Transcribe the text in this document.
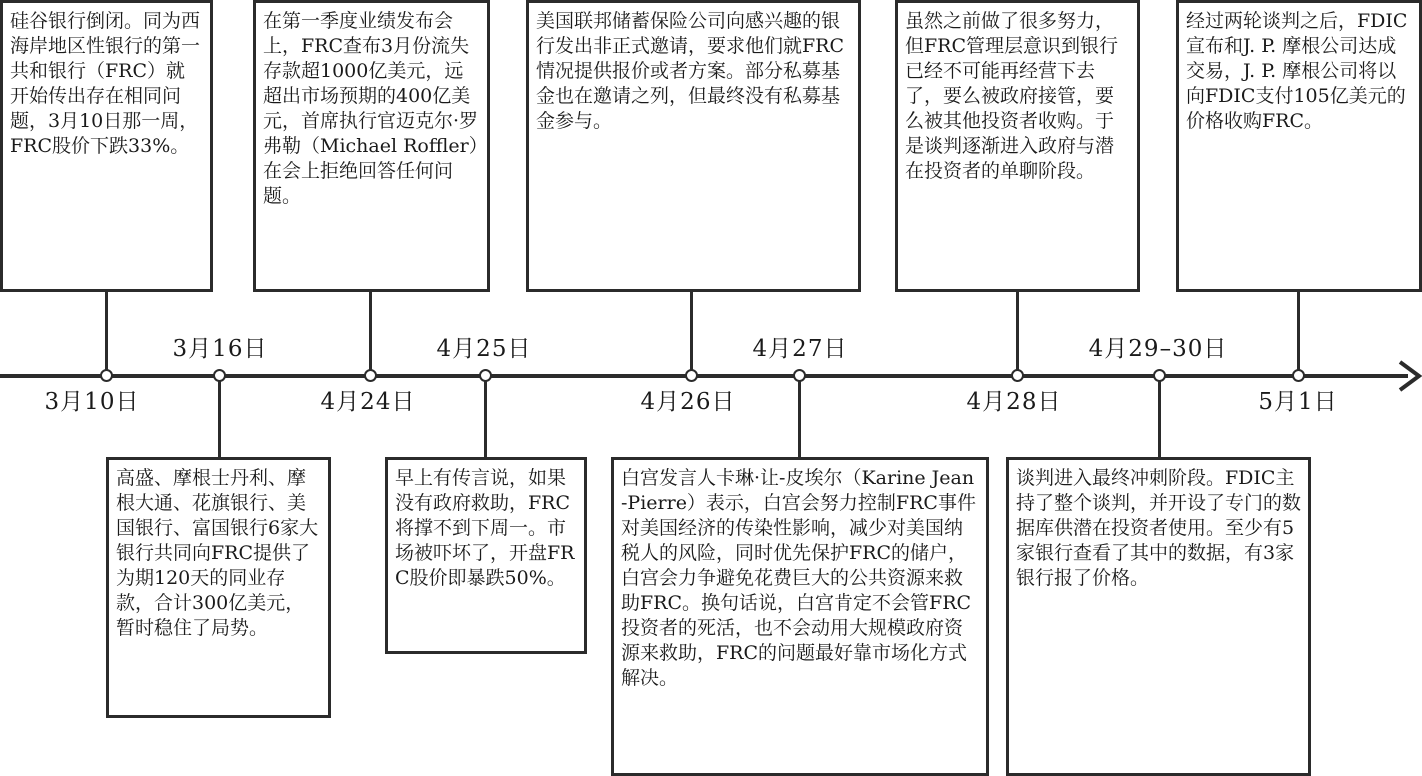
硅谷银行倒闭。同为西海岸地区性银行的第一共和银行（FRC）就开始传出存在相同问题，3月10日那一周，FRC股价下跌33%。
3月10日
3月16日
高盛、摩根士丹利、摩根大通、花旗银行、美国银行、富国银行6家大银行共同向FRC提供了为期120天的同业存款，合计300亿美元，暂时稳住了局势。
在第一季度业绩发布会上，FRC查布3月份流失存款超1000亿美元，远超出市场预期的400亿美元，首席执行官迈克尔·罗弗勒（Michael Roffler）在会上拒绝回答任何问题。
4月24日
4月25日
早上有传言说，如果没有政府救助，FRC将撑不到下周一。市场被吓坏了，开盘FRC股价即暴跌50%。
美国联邦储蓄保险公司向感兴趣的银行发出非正式邀请，要求他们就FRC情况提供报价或者方案。部分私募基金也在邀请之列，但最终没有私募基金参与。
4月26日
4月27日
白宫发言人卡琳·让-皮埃尔（Karine Jean-Pierre）表示，白宫会努力控制FRC事件对美国经济的传染性影响，减少对美国纳税人的风险，同时优先保护FRC的储户，白宫会力争避免花费巨大的公共资源来救助FRC。换句话说，白宫肯定不会管FRC投资者的死活，也不会动用大规模政府资源来救助，FRC的问题最好靠市场化方式解决。
虽然之前做了很多努力，但FRC管理层意识到银行已经不可能再经营下去了，要么被政府接管，要么被其他投资者收购。于是谈判逐渐进入政府与潜在投资者的单聊阶段。
4月28日
4月29–30日
谈判进入最终冲刺阶段。FDIC主持了整个谈判，并开设了专门的数据库供潜在投资者使用。至少有5家银行查看了其中的数据，有3家银行报了价格。
经过两轮谈判之后，FDIC宣布和J. P. 摩根公司达成交易，J. P. 摩根公司将以向FDIC支付105亿美元的价格收购FRC。
5月1日
